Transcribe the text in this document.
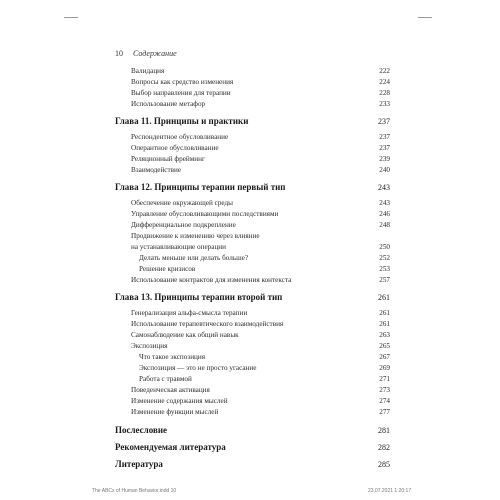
10 Содержание
Валидация	222
Вопросы как средство изменения	224
Выбор направления для терапии	228
Использование метафор	233
Глава 11. Принципы и практики	237
Респондентное обусловливание	237
Оперантное обусловливание	237
Реляционный фрейминг	239
Взаимодействие	240
Глава 12. Принципы терапии первый тип	243
Обеспечение окружающей среды	243
Управление обусловливающими последствиями	246
Дифференциальное подкрепление	248
Продвижение к изменению через влияние
на устанавливающие операции	250
Делать меньше или делать больше?	252
Решение кризисов	253
Использование контрактов для изменения контекста	257
Глава 13. Принципы терапии второй тип	261
Генерализация альфа-смысла терапии	261
Использование терапевтического взаимодействия	261
Самонаблюдение как общий навык	263
Экспозиция	265
Что такое экспозиция	267
Экспозиция — это не просто угасание	269
Работа с травмой	271
Поведенческая активация	273
Изменение содержания мыслей	274
Изменение функции мыслей	277
Послесловие	281
Рекомендуемая литература	282
Литература	285
The ABCs of Human Behavior.indd 10	23.07.2021 1:20:17
